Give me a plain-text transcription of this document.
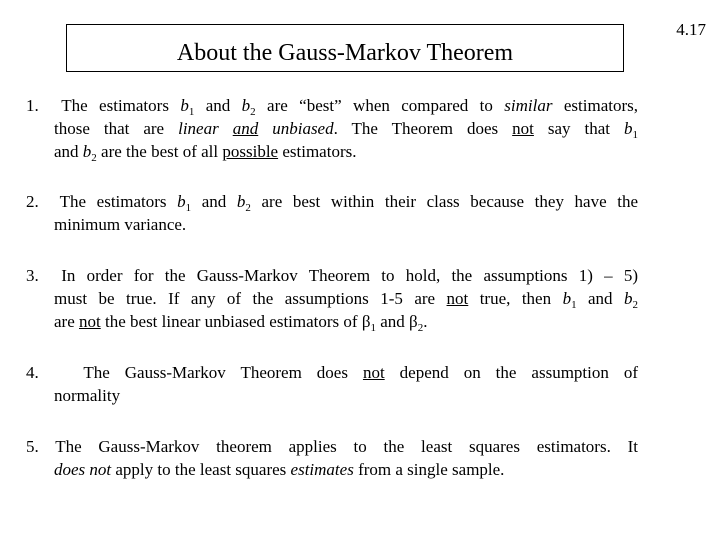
4.17
About the Gauss-Markov Theorem
1. The estimators $b_1$ and $b_2$ are “best” when compared to similar estimators,
those that are linear and unbiased. The Theorem does not say that $b_1$
and $b_2$ are the best of all possible estimators.
2. The estimators $b_1$ and $b_2$ are best within their class because they have the
minimum variance.
3. In order for the Gauss-Markov Theorem to hold, the assumptions 1) – 5)
must be true. If any of the assumptions 1-5 are not true, then $b_1$ and $b_2$
are not the best linear unbiased estimators of $\beta_1$ and $\beta_2$.
4.	The Gauss-Markov Theorem does not depend on the assumption of
normality
5. The Gauss-Markov theorem applies to the least squares estimators. It
does not apply to the least squares estimates from a single sample.
